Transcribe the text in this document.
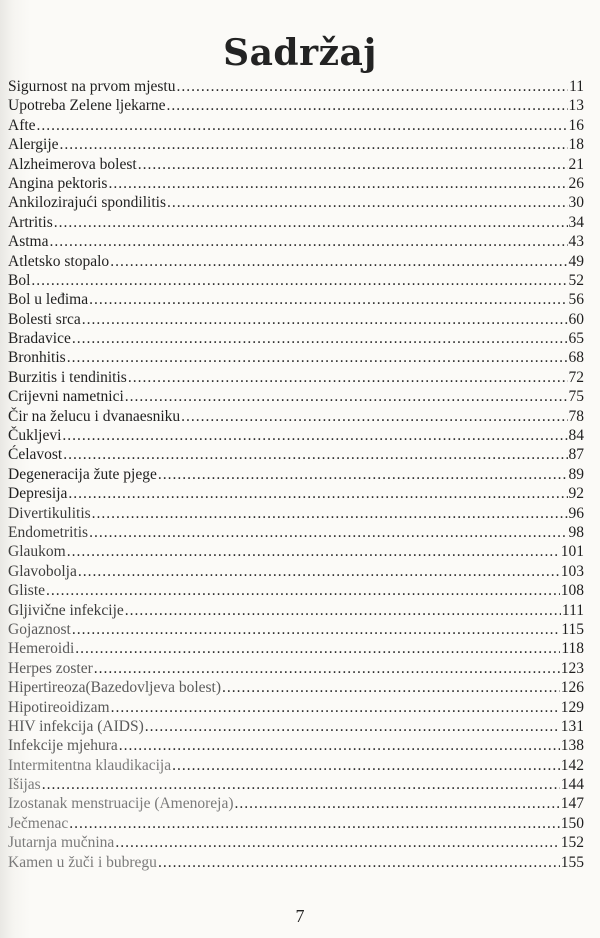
Sadržaj
Sigurnost na prvom mjestu .....	11
Upotreba Zelene ljekarne .....	13
Afte .....	16
Alergije .....	18
Alzheimerova bolest .....	21
Angina pektoris .....	26
Ankilozirajući spondilitis .....	30
Artritis .....	34
Astma .....	43
Atletsko stopalo .....	49
Bol .....	52
Bol u leđima .....	56
Bolesti srca .....	60
Bradavice .....	65
Bronhitis .....	68
Burzitis i tendinitis .....	72
Crijevni nametnici .....	75
Čir na želucu i dvanaesniku .....	78
Čukljevi .....	84
Ćelavost .....	87
Degeneracija žute pjege .....	89
Depresija .....	92
Divertikulitis .....	96
Endometritis .....	98
Glaukom .....	101
Glavobolja .....	103
Gliste .....	108
Gljivične infekcije .....	111
Gojaznost .....	115
Hemeroidi .....	118
Herpes zoster .....	123
Hipertireoza(Bazedovljeva bolest) .....	126
Hipotireoidizam .....	129
HIV infekcija (AIDS) .....	131
Infekcije mjehura .....	138
Intermitentna klaudikacija .....	142
Išijas .....	144
Izostanak menstruacije (Amenoreja) .....	147
Ječmenac .....	150
Jutarnja mučnina .....	152
Kamen u žuči i bubregu .....	155
7
